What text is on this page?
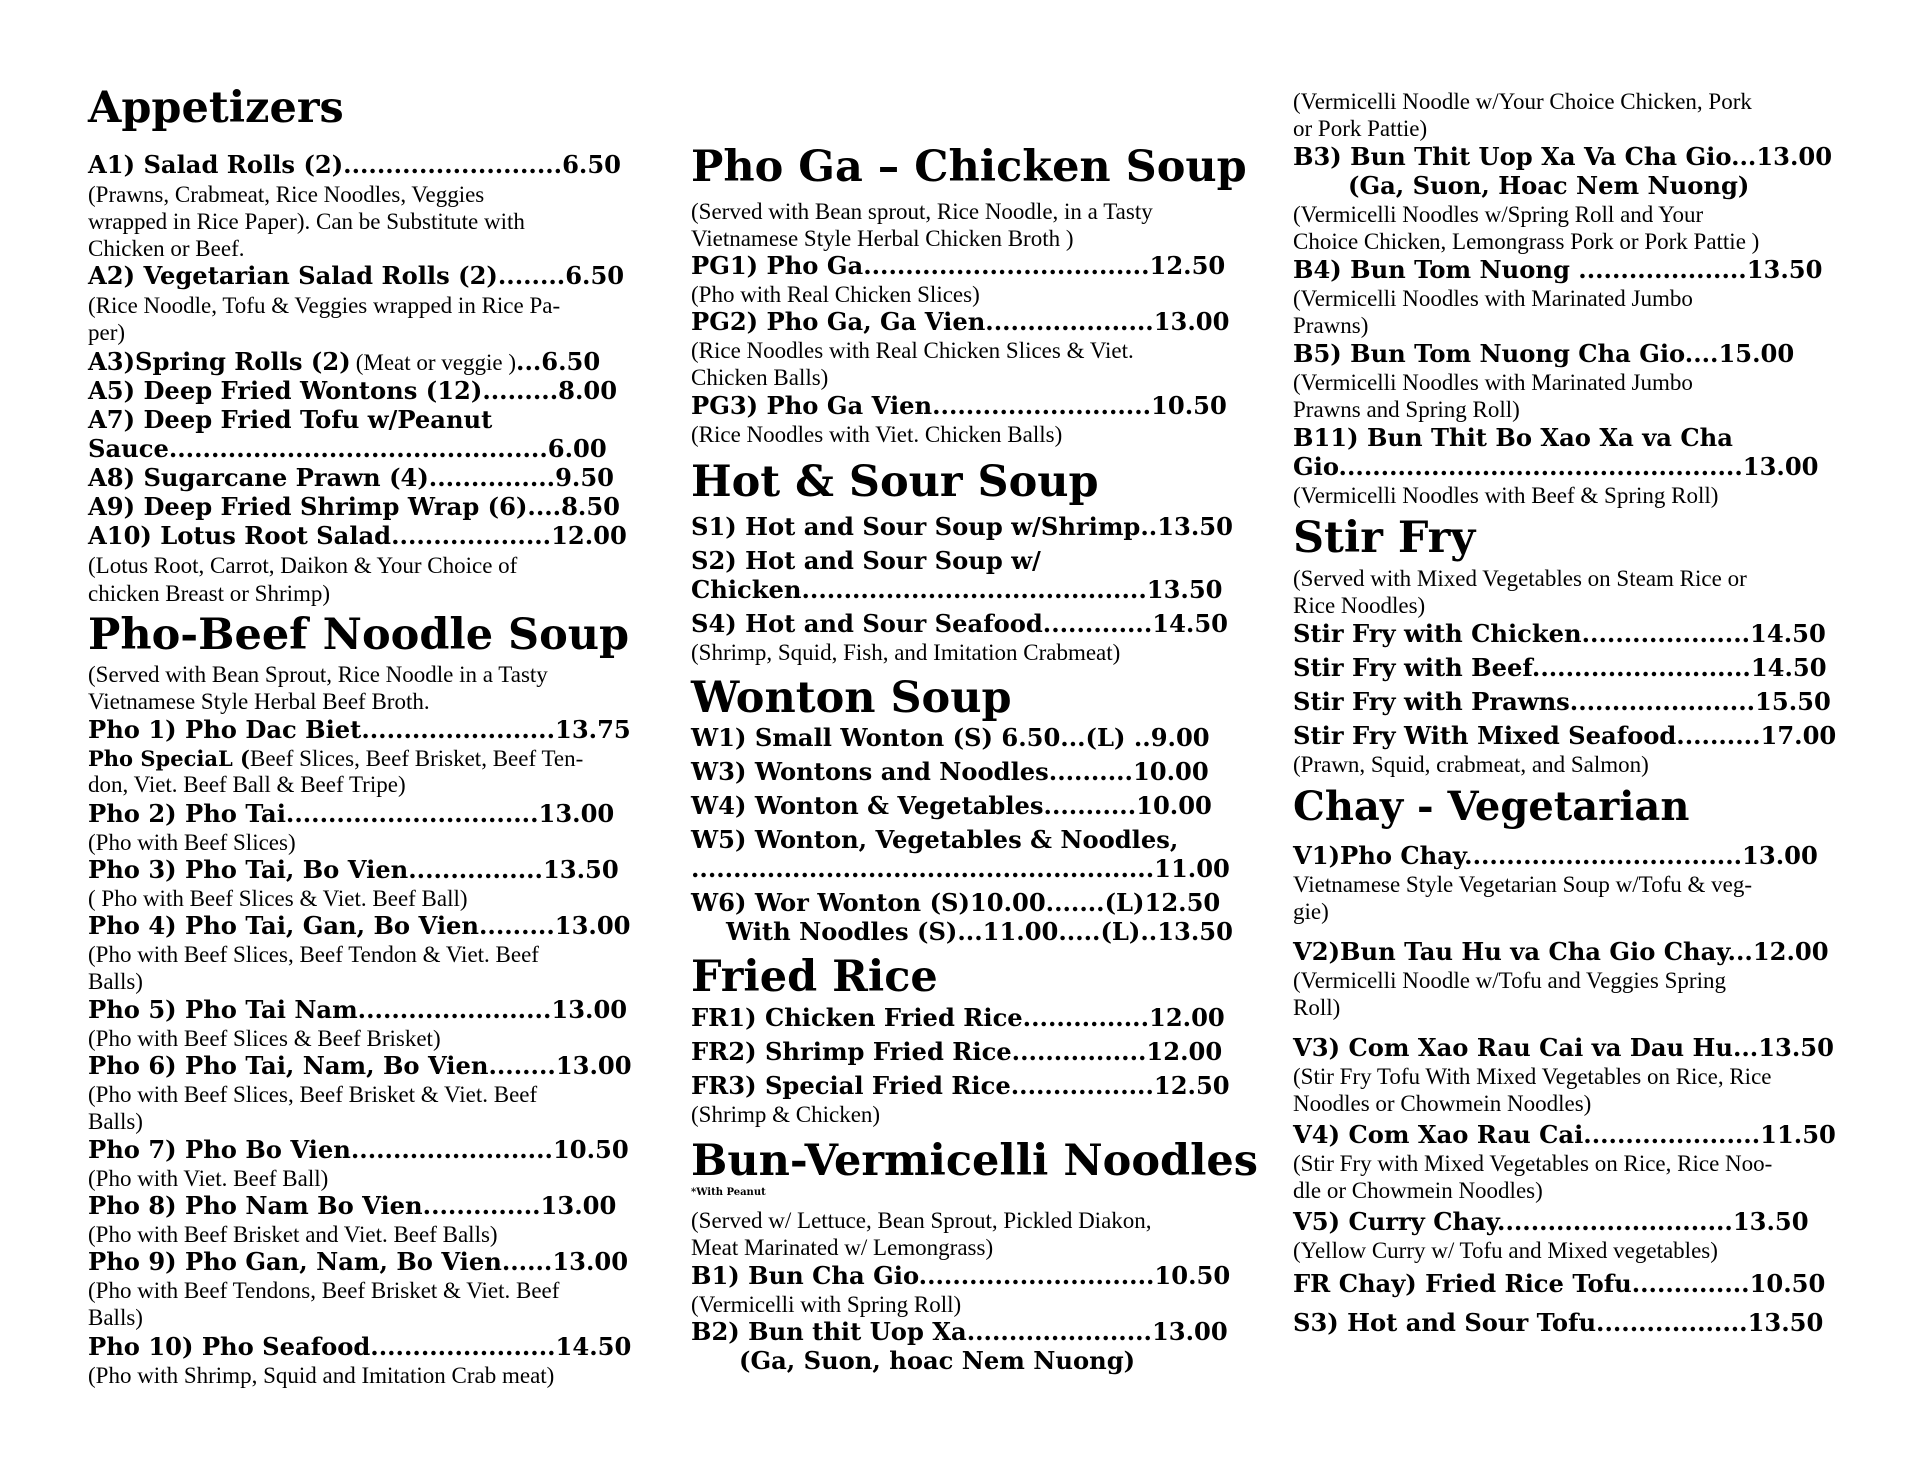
Appetizers
A1) Salad Rolls (2)..........................6.50
(Prawns, Crabmeat, Rice Noodles, Veggies
wrapped in Rice Paper). Can be Substitute with
Chicken or Beef.
A2) Vegetarian Salad Rolls (2)........6.50
(Rice Noodle, Tofu & Veggies wrapped in Rice Pa-
per)
A3)Spring Rolls (2) (Meat or veggie )...6.50
A5) Deep Fried Wontons (12).........8.00
A7) Deep Fried Tofu w/Peanut
Sauce.............................................6.00
A8) Sugarcane Prawn (4)...............9.50
A9) Deep Fried Shrimp Wrap (6)....8.50
A10) Lotus Root Salad...................12.00
(Lotus Root, Carrot, Daikon & Your Choice of
chicken Breast or Shrimp)
Pho-Beef Noodle Soup
(Served with Bean Sprout, Rice Noodle in a Tasty
Vietnamese Style Herbal Beef Broth.
Pho 1) Pho Dac Biet.......................13.75
Pho SpeciaL (Beef Slices, Beef Brisket, Beef Ten-
don, Viet. Beef Ball & Beef Tripe)
Pho 2) Pho Tai..............................13.00
(Pho with Beef Slices)
Pho 3) Pho Tai, Bo Vien................13.50
( Pho with Beef Slices & Viet. Beef Ball)
Pho 4) Pho Tai, Gan, Bo Vien.........13.00
(Pho with Beef Slices, Beef Tendon & Viet. Beef
Balls)
Pho 5) Pho Tai Nam.......................13.00
(Pho with Beef Slices & Beef Brisket)
Pho 6) Pho Tai, Nam, Bo Vien........13.00
(Pho with Beef Slices, Beef Brisket & Viet. Beef
Balls)
Pho 7) Pho Bo Vien........................10.50
(Pho with Viet. Beef Ball)
Pho 8) Pho Nam Bo Vien..............13.00
(Pho with Beef Brisket and Viet. Beef Balls)
Pho 9) Pho Gan, Nam, Bo Vien......13.00
(Pho with Beef Tendons, Beef Brisket & Viet. Beef
Balls)
Pho 10) Pho Seafood......................14.50
(Pho with Shrimp, Squid and Imitation Crab meat)
Pho Ga – Chicken Soup
(Served with Bean sprout, Rice Noodle, in a Tasty
Vietnamese Style Herbal Chicken Broth )
PG1) Pho Ga..................................12.50
(Pho with Real Chicken Slices)
PG2) Pho Ga, Ga Vien....................13.00
(Rice Noodles with Real Chicken Slices & Viet.
Chicken Balls)
PG3) Pho Ga Vien..........................10.50
(Rice Noodles with Viet. Chicken Balls)
Hot & Sour Soup
S1) Hot and Sour Soup w/Shrimp..13.50
S2) Hot and Sour Soup w/
Chicken.........................................13.50
S4) Hot and Sour Seafood.............14.50
(Shrimp, Squid, Fish, and Imitation Crabmeat)
Wonton Soup
W1) Small Wonton (S) 6.50...(L) ..9.00
W3) Wontons and Noodles..........10.00
W4) Wonton & Vegetables...........10.00
W5) Wonton, Vegetables & Noodles,
.......................................................11.00
W6) Wor Wonton (S)10.00.......(L)12.50
With Noodles (S)...11.00.....(L)..13.50
Fried Rice
FR1) Chicken Fried Rice...............12.00
FR2) Shrimp Fried Rice................12.00
FR3) Special Fried Rice.................12.50
(Shrimp & Chicken)
Bun-Vermicelli Noodles
*With Peanut
(Served w/ Lettuce, Bean Sprout, Pickled Diakon,
Meat Marinated w/ Lemongrass)
B1) Bun Cha Gio............................10.50
(Vermicelli with Spring Roll)
B2) Bun thit Uop Xa......................13.00
(Ga, Suon, hoac Nem Nuong)
(Vermicelli Noodle w/Your Choice Chicken, Pork
or Pork Pattie)
B3) Bun Thit Uop Xa Va Cha Gio...13.00
(Ga, Suon, Hoac Nem Nuong)
(Vermicelli Noodles w/Spring Roll and Your
Choice Chicken, Lemongrass Pork or Pork Pattie )
B4) Bun Tom Nuong ....................13.50
(Vermicelli Noodles with Marinated Jumbo
Prawns)
B5) Bun Tom Nuong Cha Gio....15.00
(Vermicelli Noodles with Marinated Jumbo
Prawns and Spring Roll)
B11) Bun Thit Bo Xao Xa va Cha
Gio................................................13.00
(Vermicelli Noodles with Beef & Spring Roll)
Stir Fry
(Served with Mixed Vegetables on Steam Rice or
Rice Noodles)
Stir Fry with Chicken....................14.50
Stir Fry with Beef..........................14.50
Stir Fry with Prawns......................15.50
Stir Fry With Mixed Seafood..........17.00
(Prawn, Squid, crabmeat, and Salmon)
Chay - Vegetarian
V1)Pho Chay.................................13.00
Vietnamese Style Vegetarian Soup w/Tofu & veg-
gie)
V2)Bun Tau Hu va Cha Gio Chay...12.00
(Vermicelli Noodle w/Tofu and Veggies Spring
Roll)
V3) Com Xao Rau Cai va Dau Hu...13.50
(Stir Fry Tofu With Mixed Vegetables on Rice, Rice
Noodles or Chowmein Noodles)
V4) Com Xao Rau Cai.....................11.50
(Stir Fry with Mixed Vegetables on Rice, Rice Noo-
dle or Chowmein Noodles)
V5) Curry Chay............................13.50
(Yellow Curry w/ Tofu and Mixed vegetables)
FR Chay) Fried Rice Tofu..............10.50
S3) Hot and Sour Tofu..................13.50
